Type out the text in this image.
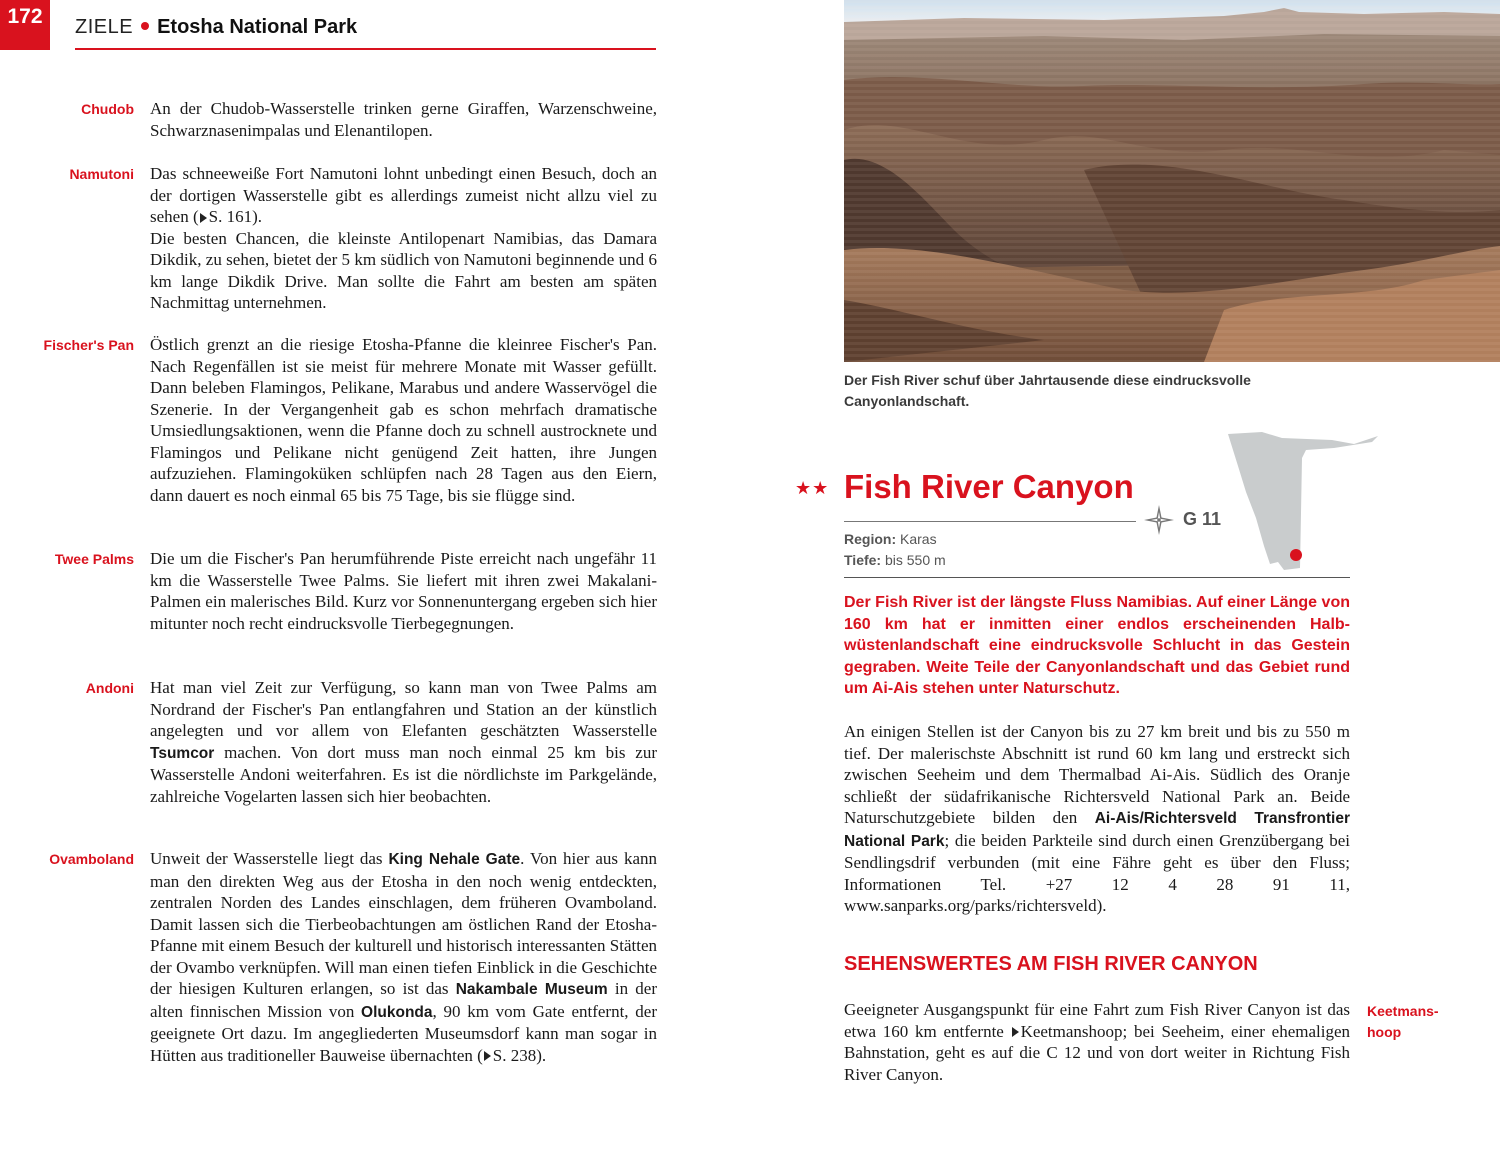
172	ZIELE Etosha National Park
Chudob An der Chudob-Wasserstelle trinken gerne Giraffen, Warzenschweine, Schwarznasenimpalas und Elenantilopen.
Namutoni Das schneeweiße Fort Namutoni lohnt unbedingt einen Besuch, doch an der dortigen Wasserstelle gibt es allerdings zumeist nicht allzu viel zu sehen ( S. 161).
Die besten Chancen, die kleinste Antilopenart Namibias, das Damara Dikdik, zu sehen, bietet der 5 km südlich von Namutoni beginnende und 6 km lange Dikdik Drive. Man sollte die Fahrt am besten am späten Nachmittag unternehmen.
Fischer's Pan Östlich grenzt an die riesige Etosha-Pfanne die kleinree Fischer's Pan. Nach Regenfällen ist sie meist für mehrere Monate mit Wasser gefüllt. Dann beleben Flamingos, Pelikane, Marabus und andere Wasservögel die Szenerie. In der Vergangenheit gab es schon mehrfach dramatische Umsiedlungsaktionen, wenn die Pfanne doch zu schnell austrocknete und Flamingos und Pelikane nicht genügend Zeit hatten, ihre Jungen aufzuziehen. Flamingoküken schlüpfen nach 28 Tagen aus den Eiern, dann dauert es noch einmal 65 bis 75 Tage, bis sie flügge sind.
Twee Palms Die um die Fischer's Pan herumführende Piste erreicht nach ungefähr 11 km die Wasserstelle Twee Palms. Sie liefert mit ihren zwei Makalani-Palmen ein malerisches Bild. Kurz vor Sonnenuntergang ergeben sich hier mitunter noch recht eindrucksvolle Tierbegegnungen.
Andoni Hat man viel Zeit zur Verfügung, so kann man von Twee Palms am Nordrand der Fischer's Pan entlangfahren und Station an der künstlich angelegten und vor allem von Elefanten geschätzten Wasserstelle Tsumcor machen. Von dort muss man noch einmal 25 km bis zur Wasserstelle Andoni weiterfahren. Es ist die nördlichste im Parkgelände, zahlreiche Vogelarten lassen sich hier beobachten.
Ovamboland Unweit der Wasserstelle liegt das King Nehale Gate. Von hier aus kann man den direkten Weg aus der Etosha in den noch wenig entdeckten, zentralen Norden des Landes einschlagen, dem früheren Ovamboland. Damit lassen sich die Tierbeobachtungen am östlichen Rand der Etosha-Pfanne mit einem Besuch der kulturell und historisch interessanten Stätten der Ovambo verknüpfen. Will man einen tiefen Einblick in die Geschichte der hiesigen Kulturen erlangen, so ist das Nakambale Museum in der alten finnischen Mission von Olukonda, 90 km vom Gate entfernt, der geeignete Ort dazu. Im angegliederten Museumsdorf kann man sogar in Hütten aus traditioneller Bauweise übernachten ( S. 238).
Der Fish River schuf über Jahrtausende diese eindrucksvolle Canyonlandschaft.
★★ Fish River Canyon
G 11
Region: Karas
Tiefe: bis 550 m
Der Fish River ist der längste Fluss Namibias. Auf einer Länge von 160 km hat er inmitten einer endlos erscheinenden Halbwüstenlandschaft eine eindrucksvolle Schlucht in das Gestein gegraben. Weite Teile der Canyonlandschaft und das Gebiet rund um Ai-Ais stehen unter Naturschutz.
An einigen Stellen ist der Canyon bis zu 27 km breit und bis zu 550 m tief. Der malerischste Abschnitt ist rund 60 km lang und erstreckt sich zwischen Seeheim und dem Thermalbad Ai-Ais. Südlich des Oranje schließt der südafrikanische Richtersveld National Park an. Beide Naturschutzgebiete bilden den Ai-Ais/Richtersveld Transfrontier National Park; die beiden Parkteile sind durch einen Grenzübergang bei Sendlingsdrif verbunden (mit eine Fähre geht es über den Fluss; Informationen Tel. +27 12 4 28 91 11, www.sanparks.org/parks/richtersveld).
SEHENSWERTES AM FISH RIVER CANYON
Keetmanshoop
Geeigneter Ausgangspunkt für eine Fahrt zum Fish River Canyon ist das etwa 160 km entfernte Keetmanshoop; bei Seeheim, einer ehemaligen Bahnstation, geht es auf die C 12 und von dort weiter in Richtung Fish River Canyon.
